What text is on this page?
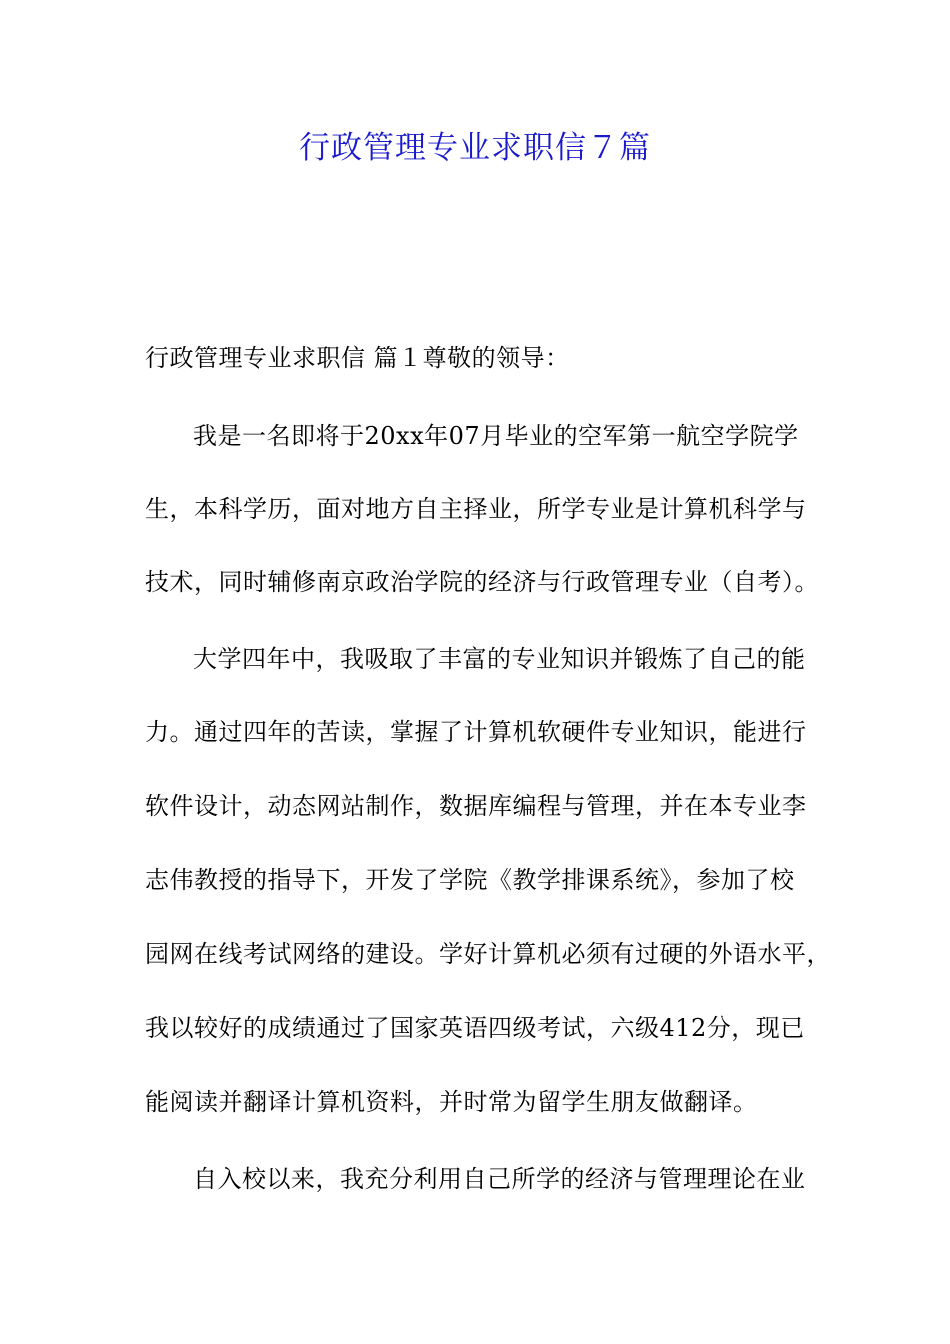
行政管理专业求职信７篇
行政管理专业求职信 篇１尊敬的领导：
我是一名即将于20xx年07月毕业的空军第一航空学院学
生，本科学历，面对地方自主择业，所学专业是计算机科学与
技术，同时辅修南京政治学院的经济与行政管理专业（自考）。
大学四年中，我吸取了丰富的专业知识并锻炼了自己的能
力。通过四年的苦读，掌握了计算机软硬件专业知识，能进行
软件设计，动态网站制作，数据库编程与管理，并在本专业李
志伟教授的指导下，开发了学院《教学排课系统》，参加了校
园网在线考试网络的建设。学好计算机必须有过硬的外语水平，
我以较好的成绩通过了国家英语四级考试，六级412分，现已
能阅读并翻译计算机资料，并时常为留学生朋友做翻译。
自入校以来，我充分利用自己所学的经济与管理理论在业
